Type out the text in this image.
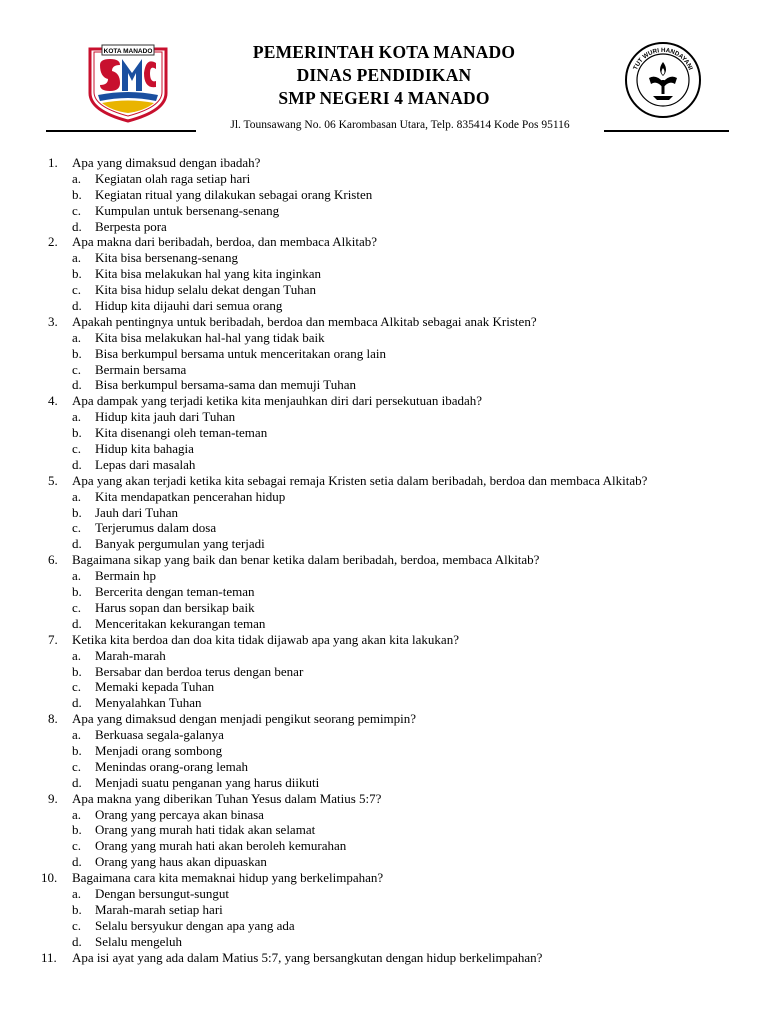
KOTA MANADO	PEMERINTAH KOTA MANADO
DINAS PENDIDIKAN
SMP NEGERI 4 MANADO
TUT WURI HANDAYANI
Jl. Tounsawang No. 06 Karombasan Utara, Telp. 835414 Kode Pos 95116
1.	Apa yang dimaksud dengan ibadah?
a. Kegiatan olah raga setiap hari
b. Kegiatan ritual yang dilakukan sebagai orang Kristen
c. Kumpulan untuk bersenang-senang
d. Berpesta pora
2.	Apa makna dari beribadah, berdoa, dan membaca Alkitab?
a. Kita bisa bersenang-senang
b. Kita bisa melakukan hal yang kita inginkan
c. Kita bisa hidup selalu dekat dengan Tuhan
d. Hidup kita dijauhi dari semua orang
3.	Apakah pentingnya untuk beribadah, berdoa dan membaca Alkitab sebagai anak Kristen?
a. Kita bisa melakukan hal-hal yang tidak baik
b. Bisa berkumpul bersama untuk menceritakan orang lain
c. Bermain bersama
d. Bisa berkumpul bersama-sama dan memuji Tuhan
4.	Apa dampak yang terjadi ketika kita menjauhkan diri dari persekutuan ibadah?
a. Hidup kita jauh dari Tuhan
b. Kita disenangi oleh teman-teman
c. Hidup kita bahagia
d. Lepas dari masalah
5.	Apa yang akan terjadi ketika kita sebagai remaja Kristen setia dalam beribadah, berdoa dan membaca Alkitab?
a. Kita mendapatkan pencerahan hidup
b. Jauh dari Tuhan
c. Terjerumus dalam dosa
d. Banyak pergumulan yang terjadi
6.	Bagaimana sikap yang baik dan benar ketika dalam beribadah, berdoa, membaca Alkitab?
a. Bermain hp
b. Bercerita dengan teman-teman
c. Harus sopan dan bersikap baik
d. Menceritakan kekurangan teman
7.	Ketika kita berdoa dan doa kita tidak dijawab apa yang akan kita lakukan?
a. Marah-marah
b. Bersabar dan berdoa terus dengan benar
c. Memaki kepada Tuhan
d. Menyalahkan Tuhan
8.	Apa yang dimaksud dengan menjadi pengikut seorang pemimpin?
a. Berkuasa segala-galanya
b. Menjadi orang sombong
c. Menindas orang-orang lemah
d. Menjadi suatu penganan yang harus diikuti
9.	Apa makna yang diberikan Tuhan Yesus dalam Matius 5:7?
a. Orang yang percaya akan binasa
b. Orang yang murah hati tidak akan selamat
c. Orang yang murah hati akan beroleh kemurahan
d. Orang yang haus akan dipuaskan
10. Bagaimana cara kita memaknai hidup yang berkelimpahan?
a. Dengan bersungut-sungut
b. Marah-marah setiap hari
c. Selalu bersyukur dengan apa yang ada
d. Selalu mengeluh
11. Apa isi ayat yang ada dalam Matius 5:7, yang bersangkutan dengan hidup berkelimpahan?
